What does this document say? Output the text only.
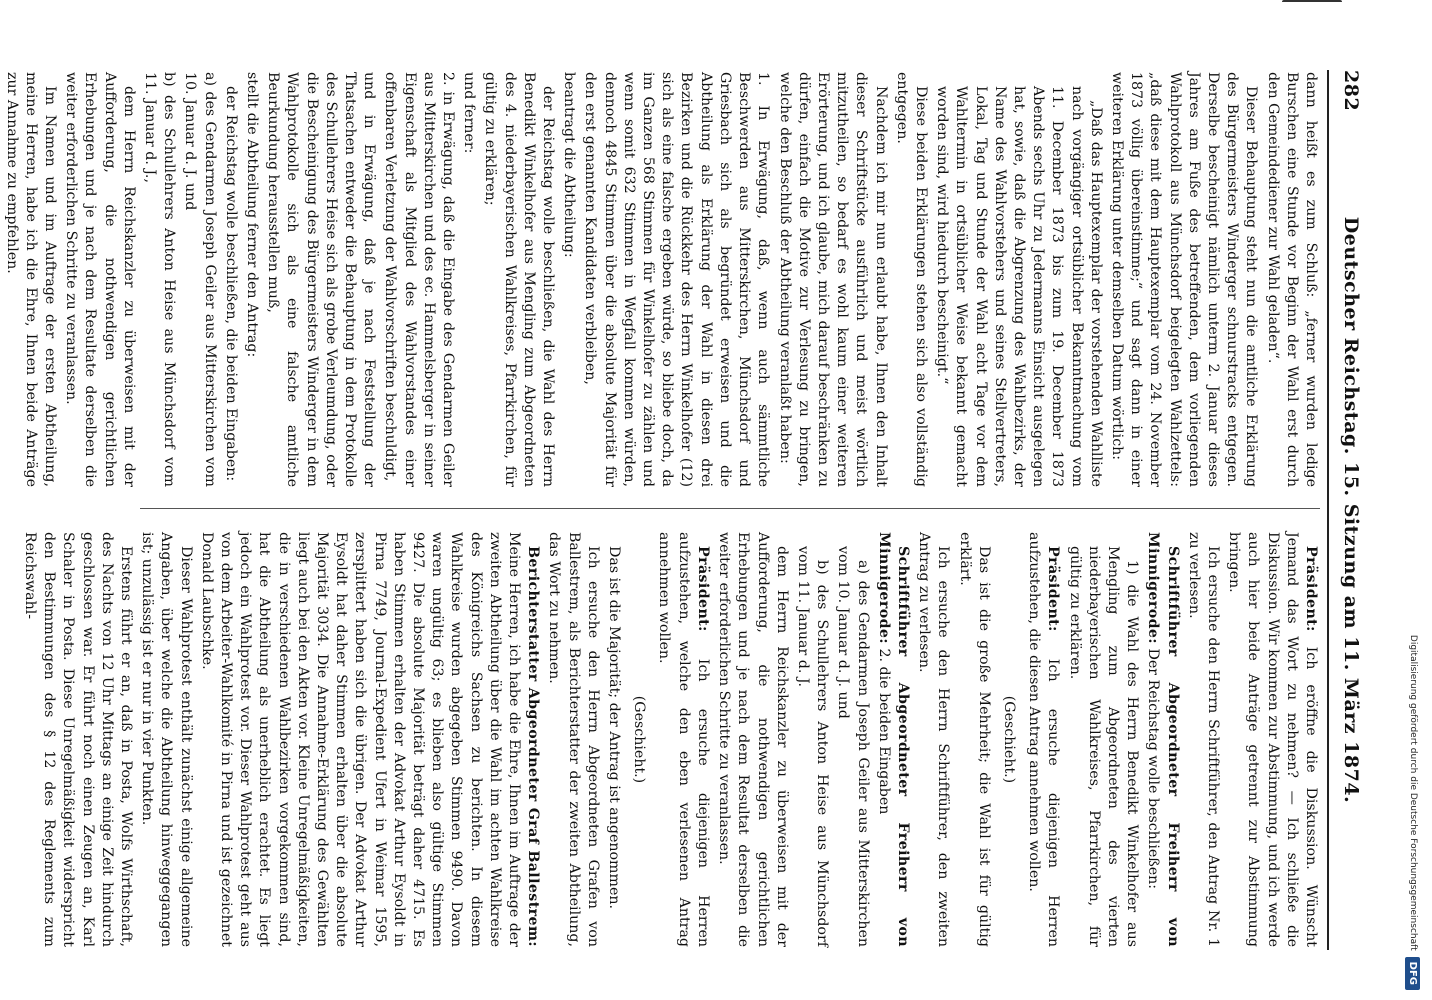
282
Deutscher Reichstag. 15. Sitzung am 11. März 1874.

dann heißt es zum Schluß: „ferner wurden ledige Burschen eine Stunde vor Beginn der Wahl erst durch den Gemeindediener zur Wahl geladen“.

Dieser Behauptung steht nun die amtliche Erklärung des Bürgermeisters Winderger schnurstracks entgegen. Derselbe bescheinigt nämlich unterm 2. Januar dieses Jahres am Fuße des betreffenden, dem vorliegenden Wahlprotokoll aus Münchsdorf beigelegten Wahlzettels: „daß diese mit dem Hauptexemplar vom 24. November 1873 völlig übereinstimme;“ und sagt dann in einer weiteren Erklärung unter demselben Datum wörtlich:

„Daß das Hauptexemplar der vorstehenden Wahlliste nach vorgängiger ortsüblicher Bekanntmachung vom 11. December 1873 bis zum 19. December 1873 Abends sechs Uhr zu Jedermanns Einsicht ausgelegen hat, sowie, daß die Abgrenzung des Wahlbezirks, der Name des Wahlvorstehers und seines Stellvertreters, Lokal, Tag und Stunde der Wahl acht Tage vor dem Wahltermin in ortsüblicher Weise bekannt gemacht worden sind, wird hiedurch bescheinigt.“

Diese beiden Erklärungen stehen sich also vollständig entgegen.

Nachdem ich mir nun erlaubt habe, Ihnen den Inhalt dieser Schriftstücke ausführlich und meist wörtlich mitzutheilen, so bedarf es wohl kaum einer weiteren Erörterung, und ich glaube, mich darauf beschränken zu dürfen, einfach die Motive zur Verlesung zu bringen, welche den Beschluß der Abtheilung veranlaßt haben:

1. In Erwägung, daß, wenn auch sämmtliche Beschwerden aus Mitterskirchen, Münchsdorf und Griesbach sich als begründet erweisen und die Abtheilung als Erklärung der Wahl in diesen drei Bezirken und die Rückkehr des Herrn Winkelhofer (12) sich als eine falsche ergeben würde, so bliebe doch, da im Ganzen 568 Stimmen für Winkelhofer zu zählen und wenn somit 632 Stimmen in Wegfall kommen würden, dennoch 4845 Stimmen über die absolute Majorität für den erst genannten Kandidaten verbleiben,

beantragt die Abtheilung:

der Reichstag wolle beschließen, die Wahl des Herrn Benedikt Winkelhofer aus Mengling zum Abgeordneten des 4. niederbayerischen Wahlkreises, Pfarrkirchen, für gültig zu erklären;

und ferner:

2. in Erwägung, daß die Eingabe des Gendarmen Geiler aus Mitterskirchen und des ec. Hammelsberger in seiner Eigenschaft als Mitglied des Wahlvorstandes einer offenbaren Verletzung der Wahlvorschriften beschuldigt,

und in Erwägung, daß je nach Feststellung der Thatsachen entweder die Behauptung in dem Protokolle des Schullehrers Heise sich als grobe Verleumdung, oder die Bescheinigung des Bürgermeisters Winderger in dem Wahlprotokolle sich als eine falsche amtliche Beurkundung herausstellen muß,

stellt die Abtheilung ferner den Antrag:

der Reichstag wolle beschließen, die beiden Eingaben:

a) des Gendarmen Joseph Geiler aus Mitterskirchen vom 10. Januar d. J. und

b) des Schullehrers Anton Heise aus Münchsdorf vom 11. Januar d. J.,

dem Herrn Reichskanzler zu überweisen mit der Aufforderung, die nothwendigen gerichtlichen Erhebungen und je nach dem Resultate derselben die weiter erforderlichen Schritte zu veranlassen.

Im Namen und im Auftrage der ersten Abtheilung, meine Herren, habe ich die Ehre, Ihnen beide Anträge zur Annahme zu empfehlen.

Präsident: Ich eröffne die Diskussion. Wünscht Jemand das Wort zu nehmen? — Ich schließe die Diskussion. Wir kommen zur Abstimmung, und ich werde auch hier beide Anträge getrennt zur Abstimmung bringen.

Ich ersuche den Herrn Schriftführer, den Antrag Nr. 1 zu verlesen.

Schriftführer Abgeordneter Freiherr von Minnigerode: Der Reichstag wolle beschließen:

1) die Wahl des Herrn Benedikt Winkelhofer aus Mengling zum Abgeordneten des vierten niederbayerischen Wahlkreises, Pfarrkirchen, für gültig zu erklären.

Präsident: Ich ersuche diejenigen Herren aufzustehen, die diesen Antrag annehmen wollen.

(Geschieht.)

Das ist die große Mehrheit; die Wahl ist für gültig erklärt.

Ich ersuche den Herrn Schriftführer, den zweiten Antrag zu verlesen.

Schriftführer Abgeordneter Freiherr von Minnigerode: 2. die beiden Eingaben

a) des Gendarmen Joseph Geiler aus Mitterskirchen vom 10. Januar d. J. und

b) des Schullehrers Anton Heise aus Münchsdorf vom 11. Januar d. J.

dem Herrn Reichskanzler zu überweisen mit der Aufforderung, die nothwendigen gerichtlichen Erhebungen und je nach dem Resultat derselben die weiter erforderlichen Schritte zu veranlassen.

Präsident: Ich ersuche diejenigen Herren aufzustehen, welche den eben verlesenen Antrag annehmen wollen.

(Geschieht.)

Das ist die Majorität; der Antrag ist angenommen.

Ich ersuche den Herrn Abgeordneten Grafen von Ballestrem, als Berichterstatter der zweiten Abtheilung, das Wort zu nehmen.

Berichterstatter Abgeordneter Graf Ballestrem: Meine Herren, ich habe die Ehre, Ihnen im Auftrage der zweiten Abtheilung über die Wahl im achten Wahlkreise des Königreichs Sachsen zu berichten. In diesem Wahlkreise wurden abgegeben Stimmen 9490. Davon waren ungültig 63; es blieben also gültige Stimmen 9427. Die absolute Majorität beträgt daher 4715. Es haben Stimmen erhalten der Advokat Arthur Eysoldt in Pirna 7749, Journal-Expedient Ufert in Weimar 1595, zersplittert haben sich die übrigen. Der Advokat Arthur Eysoldt hat daher Stimmen erhalten über die absolute Majorität 3034. Die Annahme-Erklärung des Gewählten liegt auch bei den Akten vor. Kleine Unregelmäßigkeiten, die in verschiedenen Wahlbezirken vorgekommen sind, hat die Abtheilung als unerheblich erachtet. Es liegt jedoch ein Wahlprotest vor. Dieser Wahlprotest geht aus von dem Arbeiter-Wahlkomité in Pirna und ist gezeichnet Donald Laubschke.

Dieser Wahlprotest enthält zunächst einige allgemeine Angaben, über welche die Abtheilung hinweggegangen ist; unzulässig ist er nur in vier Punkten.

Erstens führt er an, daß in Posta, Wolfs Wirthschaft, des Nachts von 12 Uhr Mittags an einige Zeit hindurch geschlossen war. Er führt noch einen Zeugen an, Karl Schaler in Posta. Diese Unregelmäßigkeit widerspricht den Bestimmungen des § 12 des Reglements zum Reichswahl-

Digitalisierung gefördert durch die Deutsche Forschungsgemeinschaft
DFG
